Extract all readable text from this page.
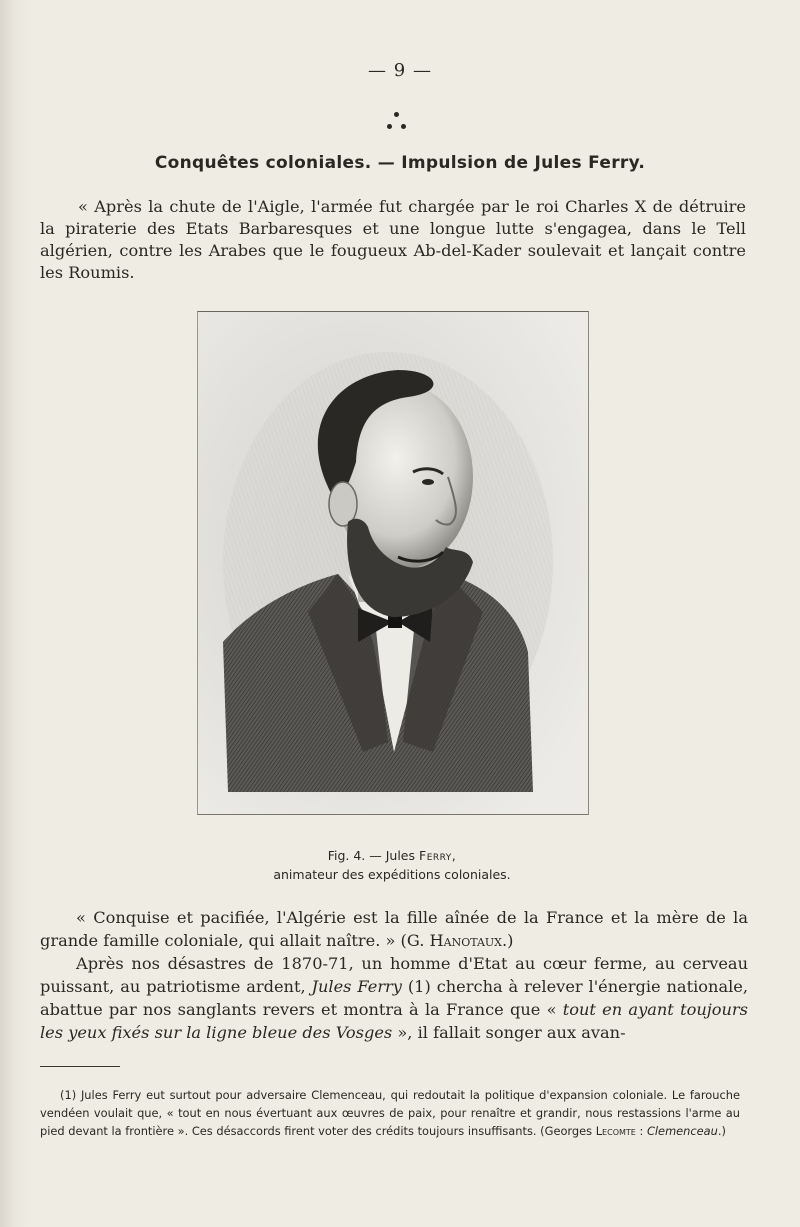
— 9 —
Conquêtes coloniales. — Impulsion de Jules Ferry.
« Après la chute de l'Aigle, l'armée fut chargée par le roi Charles X de détruire la piraterie des Etats Barbaresques et une longue lutte s'engagea, dans le Tell algérien, contre les Arabes que le fougueux Ab-del-Kader soulevait et lançait contre les Roumis.
Fig. 4. — Jules Ferry,
animateur des expéditions coloniales.

« Conquise et pacifiée, l'Algérie est la fille aînée de la France et la mère de la grande famille coloniale, qui allait naître. » (G. Hanotaux.)

Après nos désastres de 1870-71, un homme d'Etat au cœur ferme, au cerveau puissant, au patriotisme ardent, Jules Ferry (1) chercha à relever l'énergie nationale, abattue par nos sanglants revers et montra à la France que « tout en ayant toujours les yeux fixés sur la ligne bleue des Vosges », il fallait songer aux avan-

(1) Jules Ferry eut surtout pour adversaire Clemenceau, qui redoutait la politique d'expansion coloniale. Le farouche vendéen voulait que, « tout en nous évertuant aux œuvres de paix, pour renaître et grandir, nous restassions l'arme au pied devant la frontière ». Ces désaccords firent voter des crédits toujours insuffisants. (Georges Lecomte : Clemenceau.)
